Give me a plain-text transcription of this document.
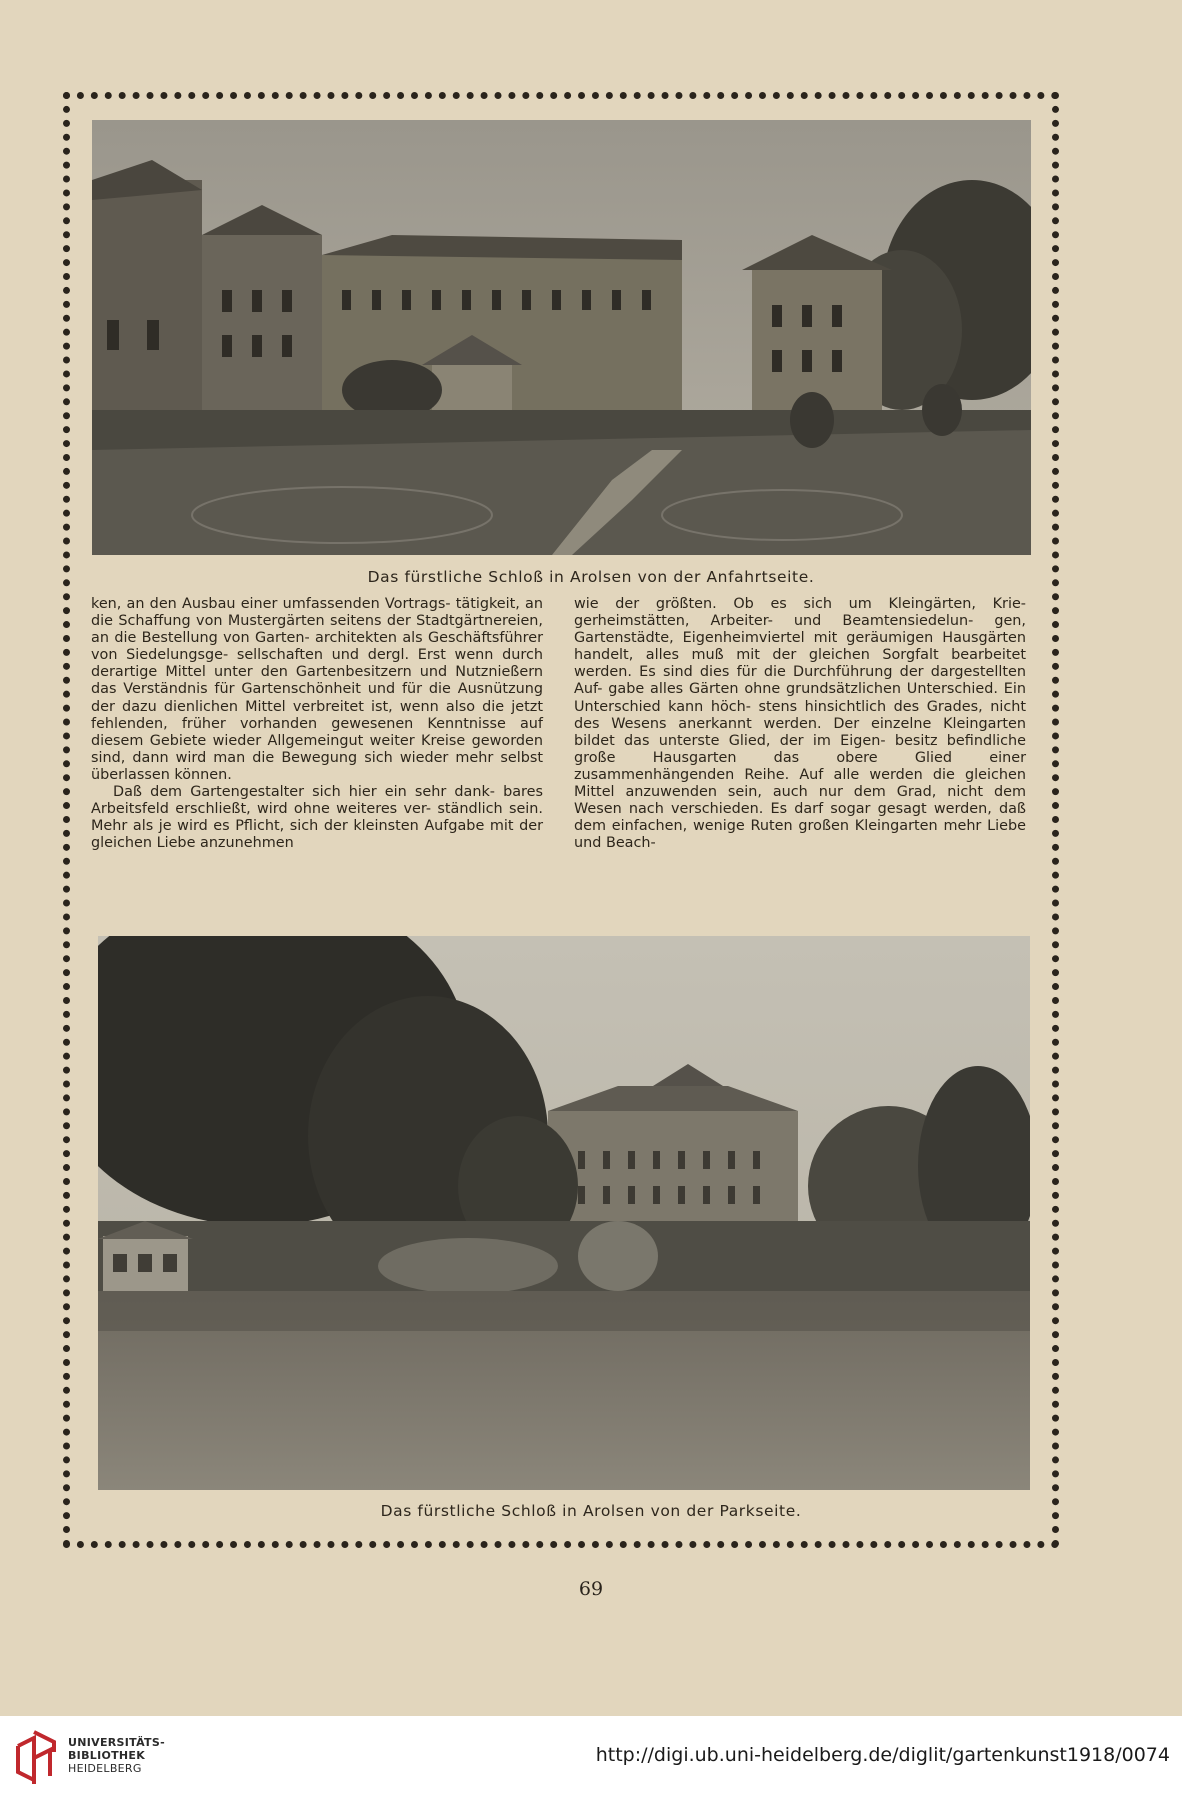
Das fürstliche Schloß in Arolsen von der Anfahrtseite.

ken, an den Ausbau einer umfassenden Vortrags- tätigkeit, an die Schaffung von Mustergärten seitens der Stadtgärtnereien, an die Bestellung von Garten- architekten als Geschäftsführer von Siedelungsge- sellschaften und dergl. Erst wenn durch derartige Mittel unter den Gartenbesitzern und Nutznießern das Verständnis für Gartenschönheit und für die Ausnützung der dazu dienlichen Mittel verbreitet ist, wenn also die jetzt fehlenden, früher vorhanden gewesenen Kenntnisse auf diesem Gebiete wieder Allgemeingut weiter Kreise geworden sind, dann wird man die Bewegung sich wieder mehr selbst überlassen können.

Daß dem Gartengestalter sich hier ein sehr dank- bares Arbeitsfeld erschließt, wird ohne weiteres ver- ständlich sein. Mehr als je wird es Pflicht, sich der kleinsten Aufgabe mit der gleichen Liebe anzunehmen

wie der größten. Ob es sich um Kleingärten, Krie- gerheimstätten, Arbeiter- und Beamtensiedelun- gen, Gartenstädte, Eigenheimviertel mit geräumigen Hausgärten handelt, alles muß mit der gleichen Sorgfalt bearbeitet werden. Es sind dies für die Durchführung der dargestellten Auf- gabe alles Gärten ohne grundsätzlichen Unterschied. Ein Unterschied kann höch- stens hinsichtlich des Grades, nicht des Wesens anerkannt werden. Der einzelne Kleingarten bildet das unterste Glied, der im Eigen- besitz befindliche große Hausgarten das obere Glied einer zusammenhängenden Reihe. Auf alle werden die gleichen Mittel anzuwenden sein, auch nur dem Grad, nicht dem Wesen nach verschieden. Es darf sogar gesagt werden, daß dem einfachen, wenige Ruten großen Kleingarten mehr Liebe und Beach-

Das fürstliche Schloß in Arolsen von der Parkseite.
69
UNIVERSITÄTS-
BIBLIOTHEK
HEIDELBERG
http://digi.ub.uni-heidelberg.de/diglit/gartenkunst1918/0074
